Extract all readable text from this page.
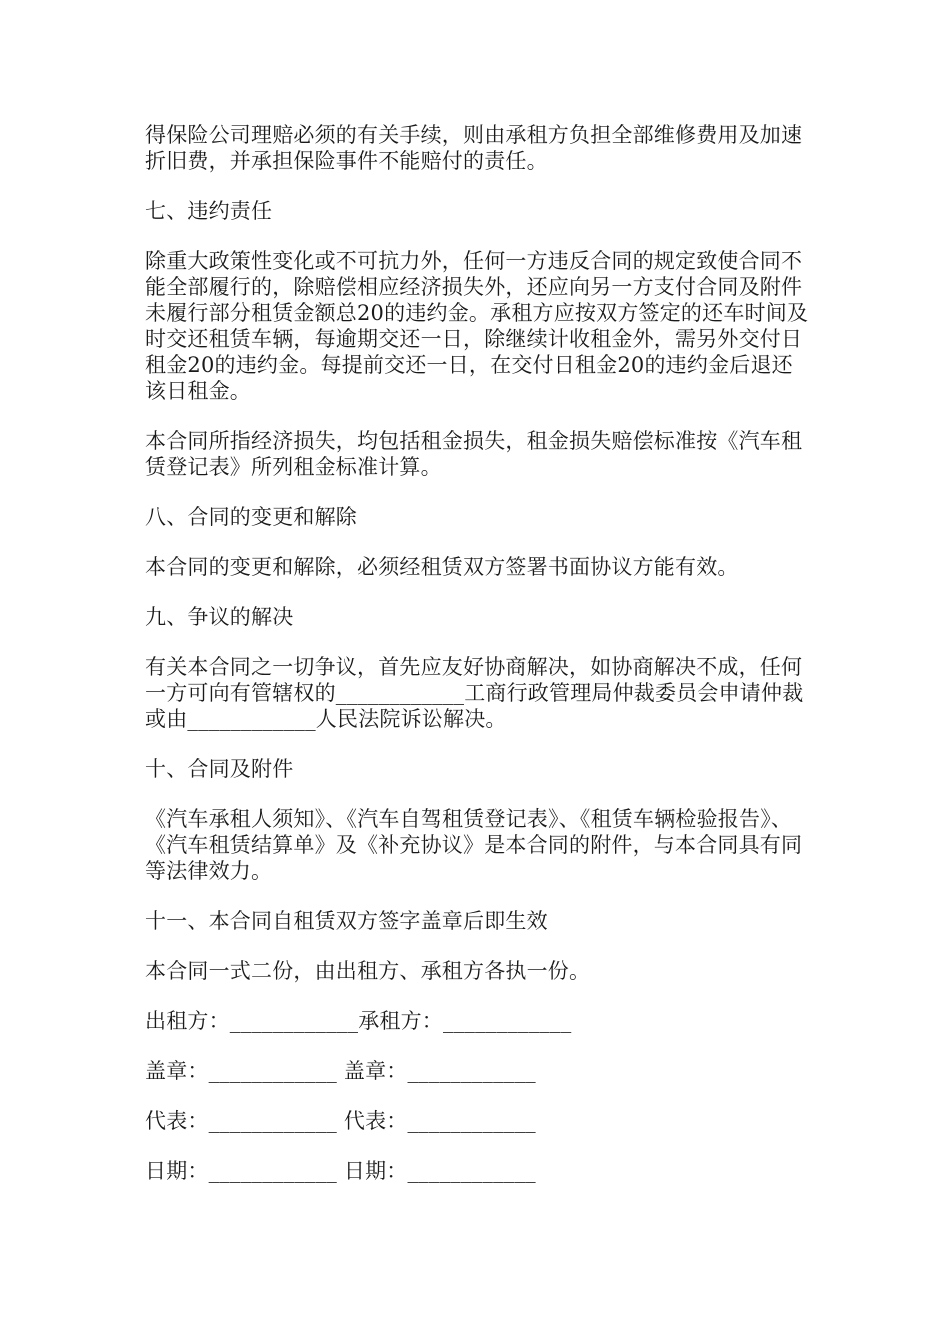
得保险公司理赔必须的有关手续，则由承租方负担全部维修费用及加速折旧费，并承担保险事件不能赔付的责任。

七、违约责任

除重大政策性变化或不可抗力外，任何一方违反合同的规定致使合同不能全部履行的，除赔偿相应经济损失外，还应向另一方支付合同及附件未履行部分租赁金额总20的违约金。承租方应按双方签定的还车时间及时交还租赁车辆，每逾期交还一日，除继续计收租金外，需另外交付日租金20的违约金。每提前交还一日，在交付日租金20的违约金后退还该日租金。

本合同所指经济损失，均包括租金损失，租金损失赔偿标准按《汽车租赁登记表》所列租金标准计算。

八、合同的变更和解除

本合同的变更和解除，必须经租赁双方签署书面协议方能有效。

九、争议的解决

有关本合同之一切争议，首先应友好协商解决，如协商解决不成，任何一方可向有管辖权的____________工商行政管理局仲裁委员会申请仲裁或由____________人民法院诉讼解决。

十、合同及附件

《汽车承租人须知》、《汽车自驾租赁登记表》、《租赁车辆检验报告》、《汽车租赁结算单》及《补充协议》是本合同的附件，与本合同具有同等法律效力。

十一、本合同自租赁双方签字盖章后即生效

本合同一式二份，由出租方、承租方各执一份。

出租方：____________承租方：____________

盖章：____________ 盖章：____________

代表：____________ 代表：____________

日期：____________ 日期：____________
